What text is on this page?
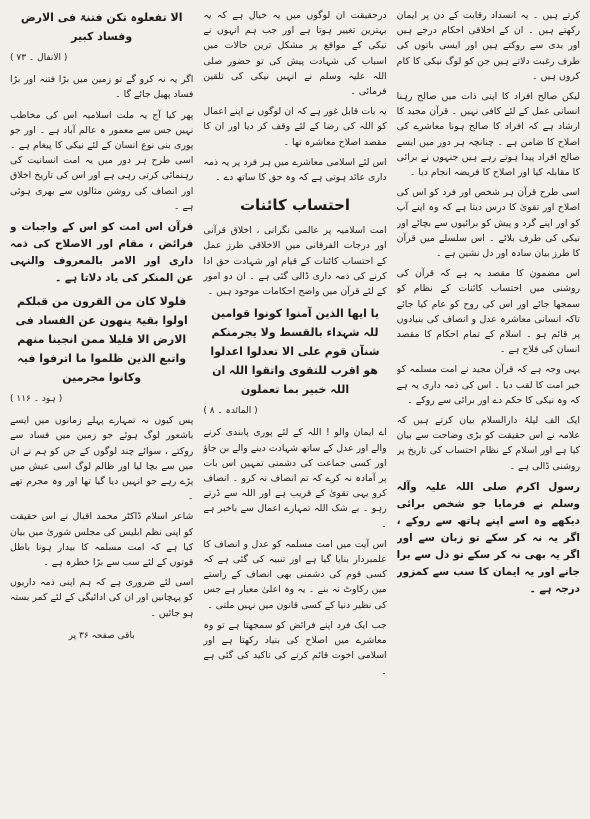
کرتے ہیں ۔ یہ انسداد رقابت کے دن پر ایمان رکھتے ہیں ۔ ان کے اخلاقی احکام درجے ہیں اور بدی سے روکتے ہیں اور ایسی باتوں کی طرف رغبت دلاتے ہیں جن کو لوگ نیکی کا کام کروں ہیں ۔

لیکن صالح افراد کا اپنی ذات میں صالح رہنا انسانی عمل کے لئے کافی نہیں ۔ قرآن مجید کا ارشاد ہے کہ افراد کا صالح ہونا معاشرے کی اصلاح کا ضامن ہے ۔ چنانچہ ہر دور میں ایسے صالح افراد پیدا ہوتے رہے ہیں جنہوں نے برائی کا مقابلہ کیا اور اصلاح کا فریضہ انجام دیا ۔

اسی طرح قرآن ہر شخص اور فرد کو اس کی اصلاح اور تقویٰ کا درس دیتا ہے کہ وہ اپنے آپ کو اور اپنے گرد و پیش کو برائیوں سے بچائے اور نیکی کی طرف بلائے ۔ اس سلسلے میں قرآن کا طرز بیان سادہ اور دل نشین ہے ۔

اس مضمون کا مقصد یہ ہے کہ قرآن کی روشنی میں احتساب کائنات کے نظام کو سمجھا جائے اور اس کی روح کو عام کیا جائے تاکہ انسانی معاشرہ عدل و انصاف کی بنیادوں پر قائم ہو ۔ اسلام کے تمام احکام کا مقصد انسان کی فلاح ہے ۔

یہی وجہ ہے کہ قرآن مجید نے امت مسلمہ کو خیر امت کا لقب دیا ۔ اس کی ذمہ داری یہ ہے کہ وہ نیکی کا حکم دے اور برائی سے روکے ۔

ایک الف لیلۃ دارالسلام بیان کرتے ہیں کہ علامہ نے اس حقیقت کو بڑی وضاحت سے بیان کیا ہے اور اسلام کے نظام احتساب کی تاریخ پر روشنی ڈالی ہے ۔

رسول اکرم صلی اللہ علیہ وآلہ وسلم نے فرمایا جو شخص برائی دیکھے وہ اسے اپنے ہاتھ سے روکے ، اگر یہ نہ کر سکے تو زبان سے اور اگر یہ بھی نہ کر سکے تو دل سے برا جانے اور یہ ایمان کا سب سے کمزور درجہ ہے ۔

درحقیقت ان لوگوں میں یہ خیال ہے کہ یہ بہترین تغییر ہوتا ہے اور جب ہم انہوں نے نیکی کے مواقع پر مشکل ترین حالات میں اسباب کی شہادت پیش کی تو حضور صلی اللہ علیہ وسلم نے انہیں نیکی کی تلقین فرمائی ۔

یہ بات قابل غور ہے کہ ان لوگوں نے اپنے اعمال کو اللہ کی رضا کے لئے وقف کر دیا اور ان کا مقصد اصلاح معاشرہ تھا ۔

اس لئے اسلامی معاشرے میں ہر فرد پر یہ ذمہ داری عائد ہوتی ہے کہ وہ حق کا ساتھ دے ۔

احتساب کائنات

امت اسلامیہ پر عالمی نگرانی ، اخلاق قرآنی اور درجات الفرقانی میں الاخلاقی طرز عمل کے احتساب کائنات کے قیام اور شہادت حق ادا کرنے کی ذمہ داری ڈالی گئی ہے ۔ ان دو امور کے لئے قرآن میں واضح احکامات موجود ہیں ۔

یا ایھا الذین آمنوا کونوا قوامین للہ شہداء بالقسط ولا یجرمنکم شنآن قوم علی الا تعدلوا اعدلوا ھو اقرب للتقوی واتقوا اللہ ان اللہ خبیر بما تعملون

( المائدہ ۔ ۸ )

اے ایمان والو ! اللہ کے لئے پوری پابندی کرنے والے اور عدل کے ساتھ شہادت دینے والے بن جاؤ اور کسی جماعت کی دشمنی تمہیں اس بات پر آمادہ نہ کرے کہ تم انصاف نہ کرو ۔ انصاف کرو یہی تقویٰ کے قریب ہے اور اللہ سے ڈرتے رہو ۔ بے شک اللہ تمہارے اعمال سے باخبر ہے ۔

اس آیت میں امت مسلمہ کو عدل و انصاف کا علمبردار بنایا گیا ہے اور تنبیہ کی گئی ہے کہ کسی قوم کی دشمنی بھی انصاف کے راستے میں رکاوٹ نہ بنے ۔ یہ وہ اعلیٰ معیار ہے جس کی نظیر دنیا کے کسی قانون میں نہیں ملتی ۔

جب ایک فرد اپنے فرائض کو سمجھتا ہے تو وہ معاشرے میں اصلاح کی بنیاد رکھتا ہے اور اسلامی اخوت قائم کرنے کی تاکید کی گئی ہے ۔

الا تفعلوہ تکن فتنۃ فی الارض وفساد کبیر

( الانفال ۔ ۷۳ )

اگر یہ نہ کرو گے تو زمین میں بڑا فتنہ اور بڑا فساد پھیل جائے گا ۔

پھر کیا آج یہ ملت اسلامیہ اس کی مخاطب نہیں جس سے معمور ہ عالم آباد ہے ۔ اور جو پوری بنی نوع انسان کے لئے نیکی کا پیغام ہے ۔ اسی طرح ہر دور میں یہ امت انسانیت کی رہنمائی کرتی رہی ہے اور اس کی تاریخ اخلاق اور انصاف کی روشن مثالوں سے بھری ہوئی ہے ۔

قرآن اس امت کو اس کے واجبات و فرائض ، مقام اور الاصلاح کی ذمہ داری اور الامر بالمعروف والنہی عن المنکر کی یاد دلاتا ہے ۔

فلولا کان من القرون من قبلکم اولوا بقیۃ ینھون عن الفساد فی الارض الا قلیلا ممن انجینا منھم واتبع الذین ظلموا ما اترفوا فیہ وکانوا مجرمین

( ہود ۔ ۱۱۶ )

پس کیوں نہ تمہارے پہلے زمانوں میں ایسے باشعور لوگ ہوئے جو زمین میں فساد سے روکتے ، سوائے چند لوگوں کے جن کو ہم نے ان میں سے بچا لیا اور ظالم لوگ اسی عیش میں پڑے رہے جو انہیں دیا گیا تھا اور وہ مجرم تھے ۔

شاعر اسلام ڈاکٹر محمد اقبال نے اس حقیقت کو اپنی نظم ابلیس کی مجلس شوریٰ میں بیان کیا ہے کہ امت مسلمہ کا بیدار ہونا باطل قوتوں کے لئے سب سے بڑا خطرہ ہے ۔

اسی لئے ضروری ہے کہ ہم اپنی ذمہ داریوں کو پہچانیں اور ان کی ادائیگی کے لئے کمر بستہ ہو جائیں ۔

باقی صفحہ ۳۶ پر
